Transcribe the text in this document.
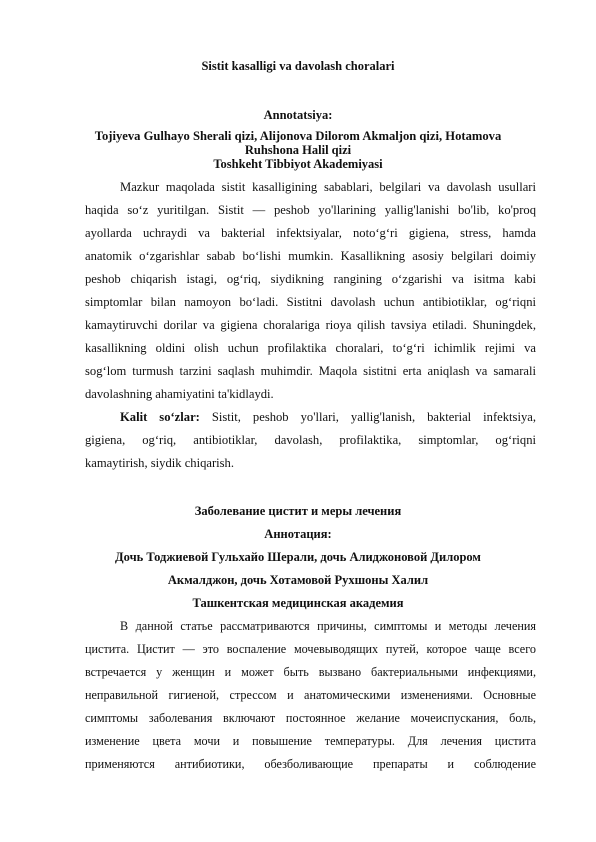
Sistit kasalligi va davolash choralari
Annotatsiya:
Tojiyeva Gulhayo Sherali qizi, Alijonova Dilorom Akmaljon qizi, Hotamova
Ruhshona Halil qizi
Toshkeht Tibbiyot Akademiyasi
Mazkur maqolada sistit kasalligining sabablari, belgilari va davolash usullari
haqida so‘z yuritilgan. Sistit — peshob yo'llarining yallig'lanishi bo'lib, ko'proq
ayollarda uchraydi va bakterial infektsiyalar, noto‘g‘ri gigiena, stress, hamda
anatomik o‘zgarishlar sabab bo‘lishi mumkin. Kasallikning asosiy belgilari doimiy
peshob chiqarish istagi, og‘riq, siydikning rangining o‘zgarishi va isitma kabi
simptomlar bilan namoyon bo‘ladi. Sistitni davolash uchun antibiotiklar, og‘riqni
kamaytiruvchi dorilar va gigiena choralariga rioya qilish tavsiya etiladi. Shuningdek,
kasallikning oldini olish uchun profilaktika choralari, to‘g‘ri ichimlik rejimi va
sog‘lom turmush tarzini saqlash muhimdir. Maqola sistitni erta aniqlash va samarali
davolashning ahamiyatini ta'kidlaydi.
Kalit so‘zlar: Sistit, peshob yo'llari, yallig'lanish, bakterial infektsiya,
gigiena, og‘riq, antibiotiklar, davolash, profilaktika, simptomlar, og‘riqni
kamaytirish, siydik chiqarish.
Заболевание цистит и меры лечения
Аннотация:
Дочь Тоджиевой Гульхайо Шерали, дочь Алиджоновой Дилором
Акмалджон, дочь Хотамовой Рухшоны Халил
Ташкентская медицинская академия
В данной статье рассматриваются причины, симптомы и методы лечения
цистита. Цистит — это воспаление мочевыводящих путей, которое чаще всего
встречается у женщин и может быть вызвано бактериальными инфекциями,
неправильной гигиеной, стрессом и анатомическими изменениями. Основные
симптомы заболевания включают постоянное желание мочеиспускания, боль,
изменение цвета мочи и повышение температуры. Для лечения цистита
применяются антибиотики, обезболивающие препараты и соблюдение
